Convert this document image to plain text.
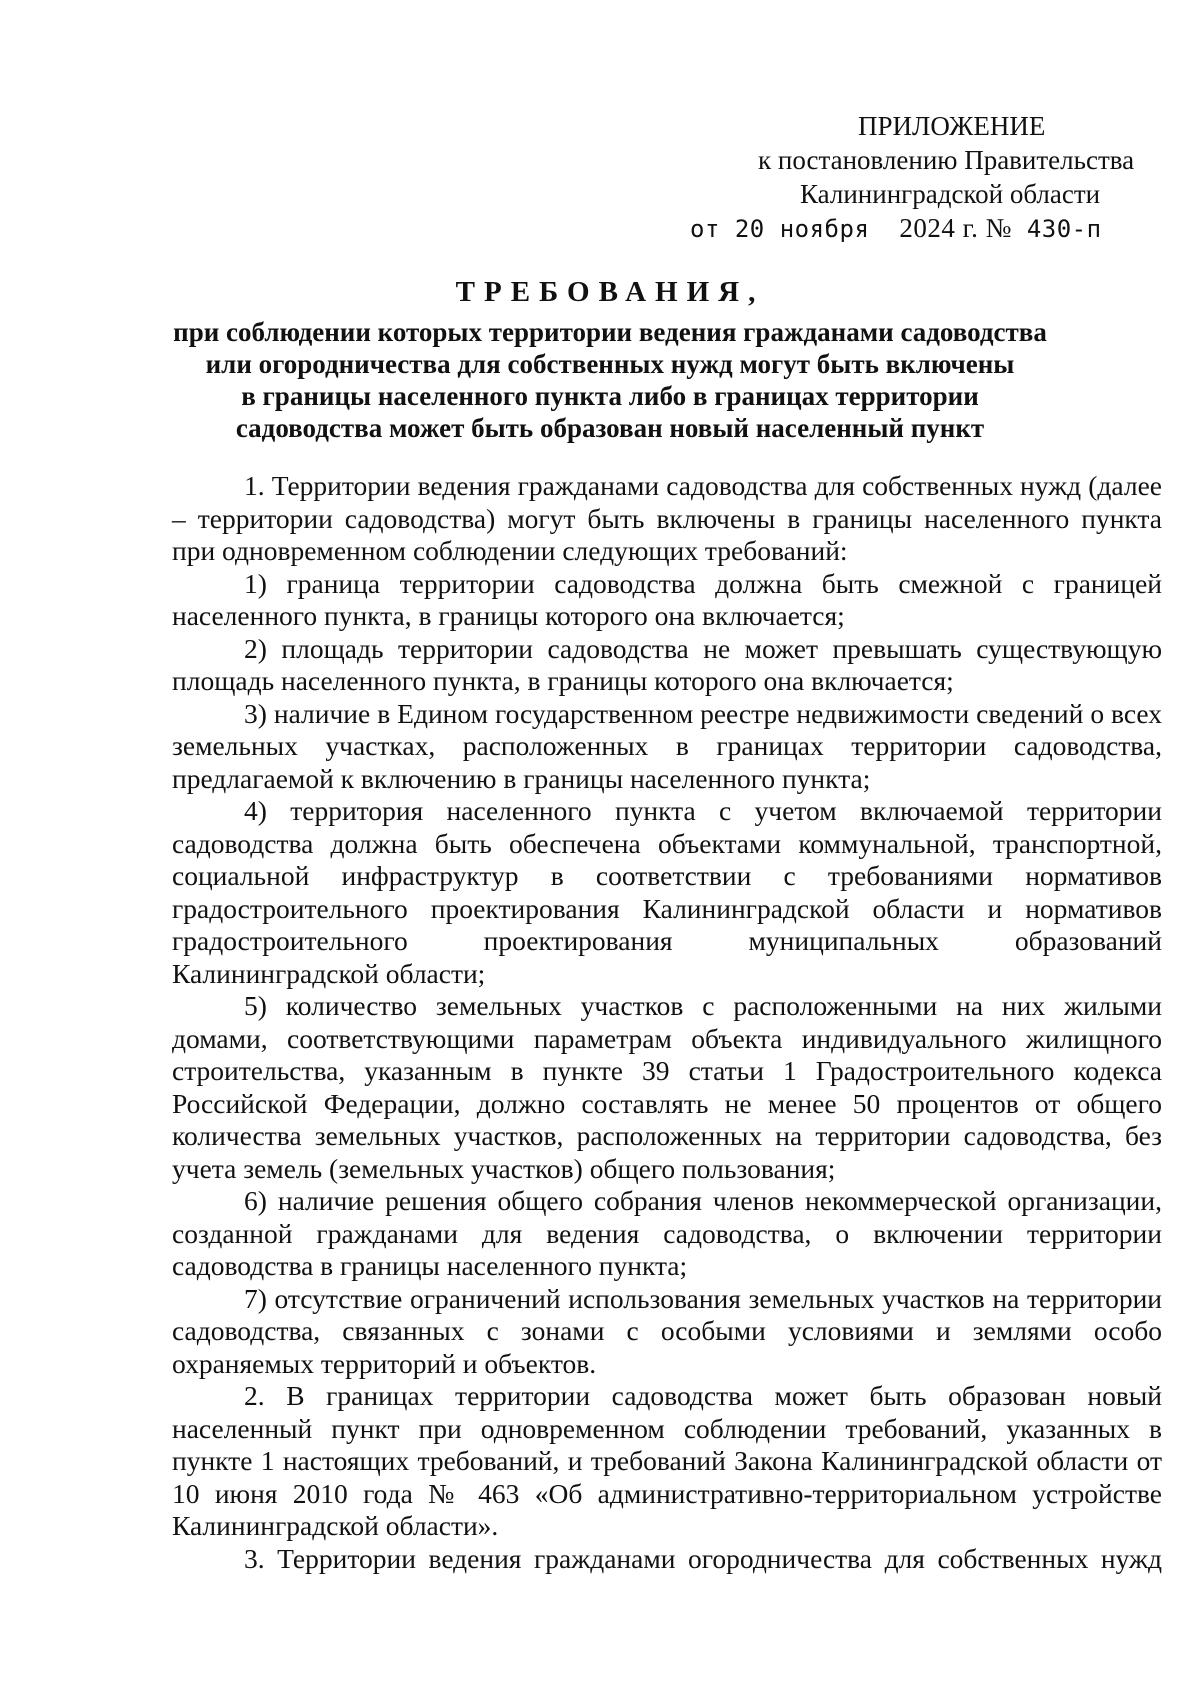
ПРИЛОЖЕНИЕ
к постановлению Правительства
Калининградской области
от 20 ноября 2024 г. № 430-п
ТРЕБОВАНИЯ,
при соблюдении которых территории ведения гражданами садоводства
или огородничества для собственных нужд могут быть включены
в границы населенного пункта либо в границах территории
садоводства может быть образован новый населенный пункт

1. Территории ведения гражданами садоводства для собственных нужд (далее – территории садоводства) могут быть включены в границы населенного пункта при одновременном соблюдении следующих требований:

1) граница территории садоводства должна быть смежной с границей населенного пункта, в границы которого она включается;

2) площадь территории садоводства не может превышать существующую площадь населенного пункта, в границы которого она включается;

3) наличие в Едином государственном реестре недвижимости сведений о всех земельных участках, расположенных в границах территории садоводства, предлагаемой к включению в границы населенного пункта;

4) территория населенного пункта с учетом включаемой территории садоводства должна быть обеспечена объектами коммунальной, транспортной, социальной инфраструктур в соответствии с требованиями нормативов градостроительного проектирования Калининградской области и нормативов градостроительного проектирования муниципальных образований Калининградской области;

5) количество земельных участков с расположенными на них жилыми домами, соответствующими параметрам объекта индивидуального жилищного строительства, указанным в пункте 39 статьи 1 Градостроительного кодекса Российской Федерации, должно составлять не менее 50 процентов от общего количества земельных участков, расположенных на территории садоводства, без учета земель (земельных участков) общего пользования;

6) наличие решения общего собрания членов некоммерческой организации, созданной гражданами для ведения садоводства, о включении территории садоводства в границы населенного пункта;

7) отсутствие ограничений использования земельных участков на территории садоводства, связанных с зонами с особыми условиями и землями особо охраняемых территорий и объектов.

2. В границах территории садоводства может быть образован новый населенный пункт при одновременном соблюдении требований, указанных в пункте 1 настоящих требований, и требований Закона Калининградской области от 10 июня 2010 года № 463 «Об административно-территориальном устройстве Калининградской области».

3. Территории ведения гражданами огородничества для собственных нужд
